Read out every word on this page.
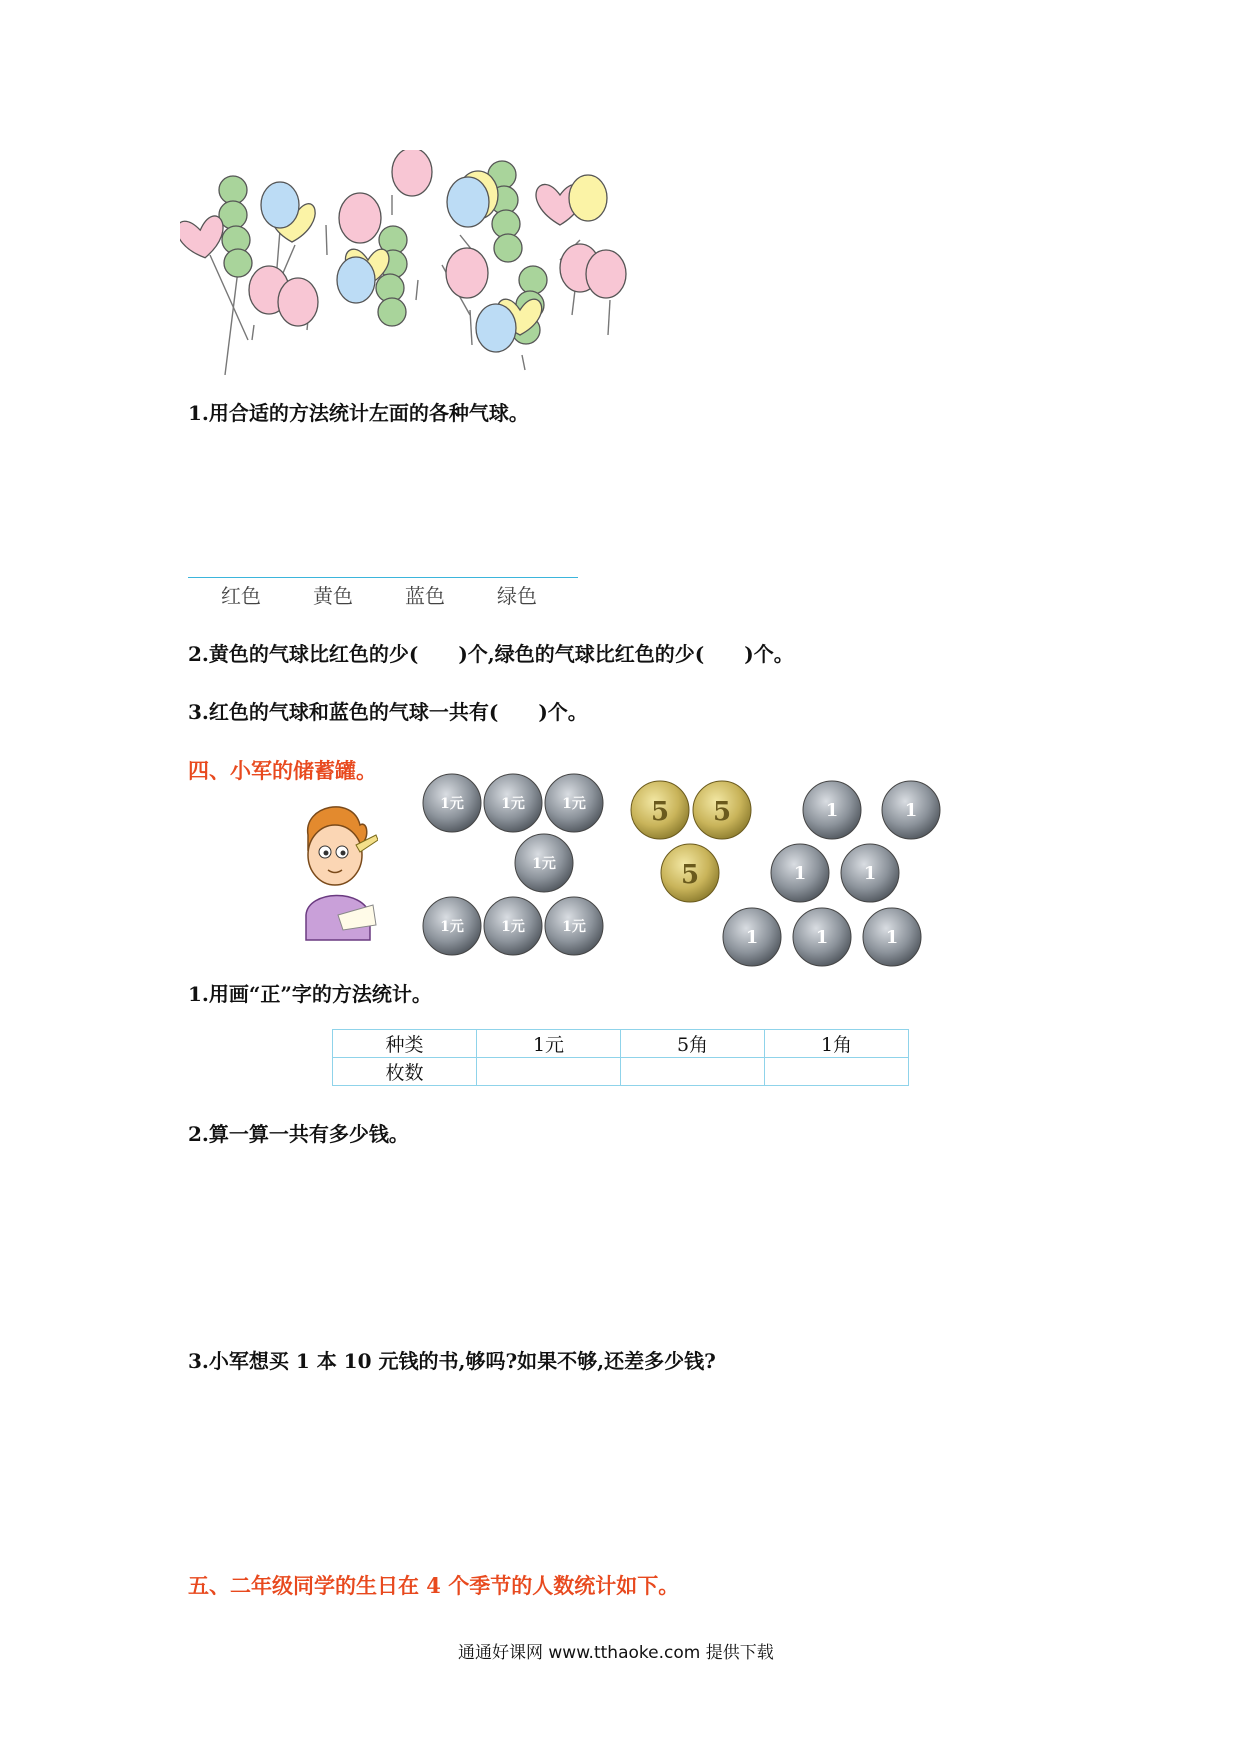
1.用合适的方法统计左面的各种气球。
红色	黄色	蓝色	绿色
2.黄色的气球比红色的少(　　)个,绿色的气球比红色的少(　　)个。
3.红色的气球和蓝色的气球一共有(　　)个。
四、小军的储蓄罐。
1元	1元	1元
1元
1元	1元	1元
5 5
5
1	1
1	1
1	1	1
1.用画“正”字的方法统计。
种类	1元	5角	1角
枚数			
2.算一算一共有多少钱。
3.小军想买 1 本 10 元钱的书,够吗?如果不够,还差多少钱?
五、二年级同学的生日在 4 个季节的人数统计如下。
通通好课网 www.tthaoke.com 提供下载
